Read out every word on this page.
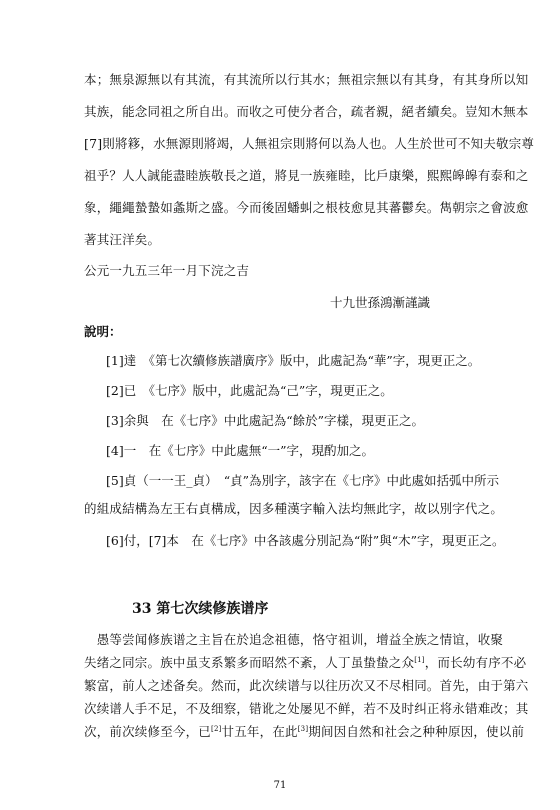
本；無泉源無以有其流，有其流所以行其水；無祖宗無以有其身，有其身所以知
其族，能念同祖之所自出。而收之可使分者合，疏者親，絕者續矣。豈知木無本
[7]則將簃，水無源則將竭，人無祖宗則將何以為人也。人生於世可不知夫敬宗尊
祖乎？人人誠能盡睦族敬長之道，將見一族雍睦，比戶康樂，熙熙皞皞有泰和之
象，繩繩蟄蟄如螽斯之盛。今而後固蟠虯之根枝愈見其蕃鬱矣。雋朝宗之會波愈
著其汪洋矣。
公元一九五三年一月下浣之吉
十九世孫鴻漸謹識
說明：
[1]達　《第七次續修族譜廣序》版中，此處記為“華”字，現更正之。
[2]已　《七序》版中，此處記為“己”字，現更正之。
[3]余與　在《七序》中此處記為“餘於”字樣，現更正之。
[4]一　在《七序》中此處無“一”字，現酌加之。
[5]貞（一一王_貞）　“貞”為別字，該字在《七序》中此處如括弧中所示
的組成結構為左王右貞構成，因多種漢字輸入法均無此字，故以別字代之。
[6]付，[7]本　在《七序》中各該處分別記為“附”與“木”字，現更正之。
33 第七次续修族谱序
　愚等尝闻修族谱之主旨在於追念祖德，恪守祖训，增益全族之情谊，收聚
失绪之同宗。族中虽支系繁多而昭然不紊，人丁虽蛰蛰之众[1]，而长幼有序不必
繁富，前人之述备矣。然而，此次续谱与以往历次又不尽相同。首先，由于第六
次续谱人手不足，不及细察，错讹之处屡见不鲜，若不及时纠正将永错难改；其
次，前次续修至今，已[2]廿五年，在此[3]期间因自然和社会之种种原因，使以前
71
